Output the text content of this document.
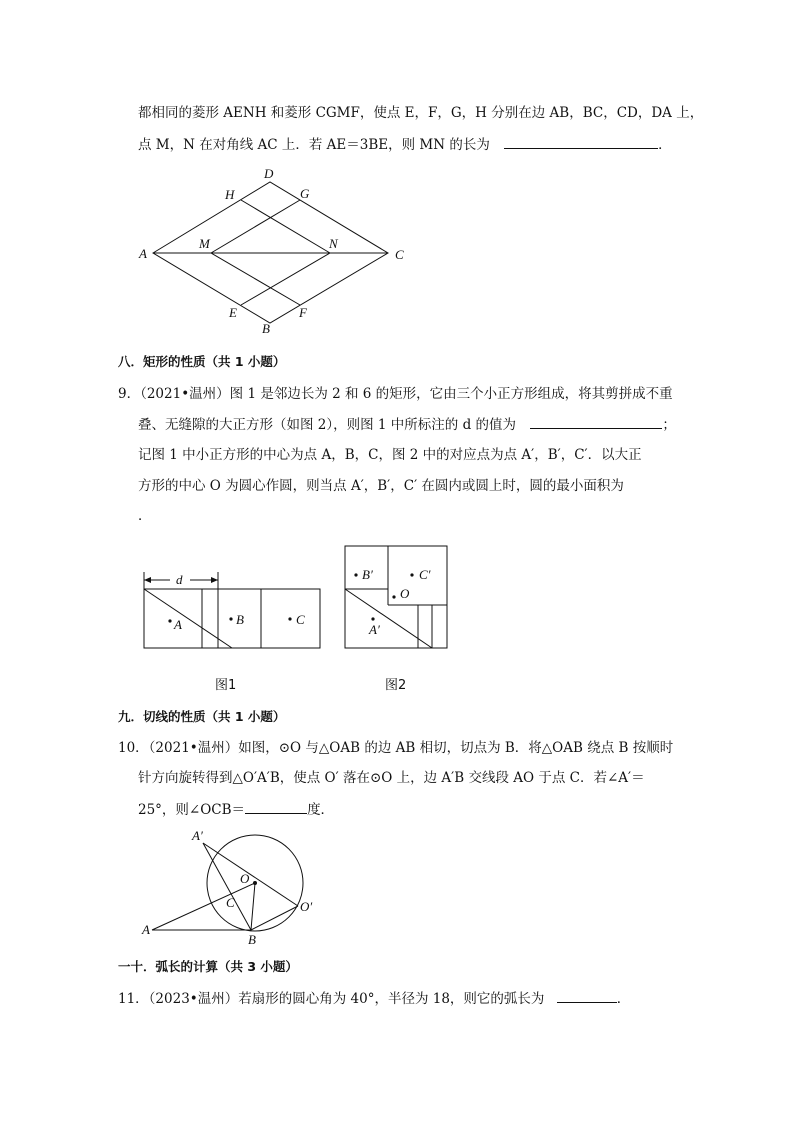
都相同的菱形 AENH 和菱形 CGMF，使点 E，F，G，H 分别在边 AB，BC，CD，DA 上，
点 M，N 在对角线 AC 上．若 AE＝3BE，则 MN 的长为	．
D
H	G
A
M	N
C
E	F
B
八．矩形的性质（共 1 小题）
9．（2021•温州）图 1 是邻边长为 2 和 6 的矩形，它由三个小正方形组成，将其剪拼成不重
叠、无缝隙的大正方形（如图 2），则图 1 中所标注的 d 的值为	；
记图 1 中小正方形的中心为点 A，B，C，图 2 中的对应点为点 A′，B′，C′．以大正
方形的中心 O 为圆心作圆，则当点 A′，B′，C′ 在圆内或圆上时，圆的最小面积为
．
d
A	B	C
B′	C′
O
A′
图1	图2
九．切线的性质（共 1 小题）
10．（2021•温州）如图，⊙O 与△OAB 的边 AB 相切，切点为 B．将△OAB 绕点 B 按顺时
针方向旋转得到△O′A′B，使点 O′ 落在⊙O 上，边 A′B 交线段 AO 于点 C．若∠A′＝
25°，则∠OCB＝	度．
A′
O
C	O′
A
B
一十．弧长的计算（共 3 小题）
11．（2023•温州）若扇形的圆心角为 40°，半径为 18，则它的弧长为	．
